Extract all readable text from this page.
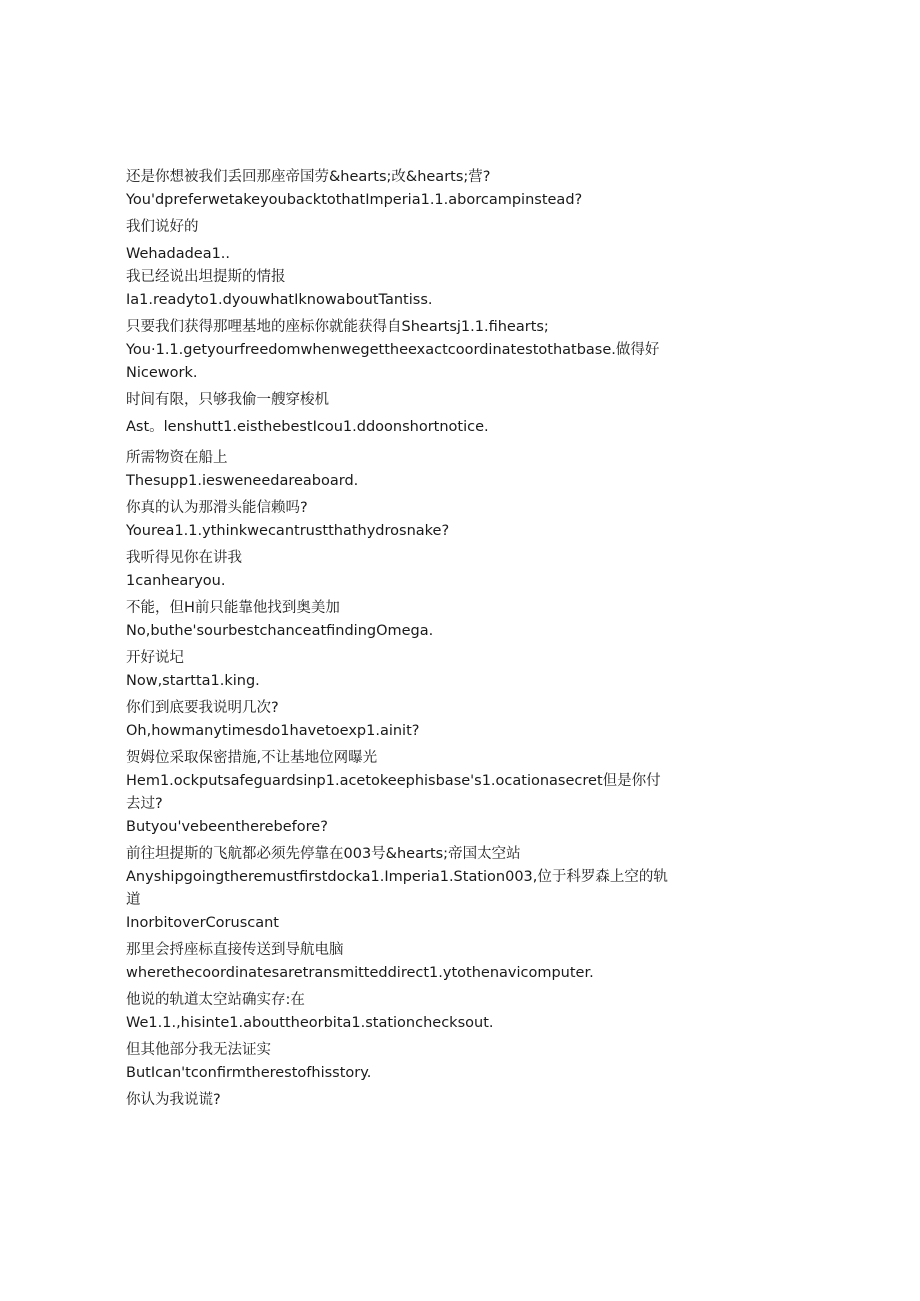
还是你想被我们丢回那座帝国劳&hearts;改&hearts;营?

You'dpreferwetakeyoubacktothatImperia1.1.aborcampinstead?

我们说好的

Wehadadea1..

我已经说出坦提斯的情报

Ia1.readyto1.dyouwhatIknowaboutTantiss.

只要我们获得那哩基地的座标你就能获得自Sheartsj1.1.fihearts;

You·1.1.getyourfreedomwhenwegettheexactcoordinatestothatbase.做得好

Nicework.

时间有限，只够我偷一艘穿梭机

Ast。lenshutt1.eisthebestIcou1.ddoonshortnotice.

所需物资在船上

Thesupp1.iesweneedareaboard.

你真的认为那滑头能信赖吗?

Yourea1.1.ythinkwecantrustthathydrosnake?

我听得见你在讲我

1canhearyou.

不能，但H前只能靠他找到奥美加

No,buthe'sourbestchanceatfindingOmega.

开好说圮

Now,startta1.king.

你们到底要我说明几次?

Oh,howmanytimesdo1havetoexp1.ainit?

贺姆位采取保密措施,不让基地位网曝光

Hem1.ockputsafeguardsinp1.acetokeephisbase's1.ocationasecret但是你付

去过?

Butyou'vebeentherebefore?

前往坦提斯的飞航都必须先停靠在003号&hearts;帝国太空站

Anyshipgoingtheremustfirstdocka1.Imperia1.Station003,位于科罗森上空的轨

道

InorbitoverCoruscant

那里会捋座标直接传送到导航电脑

wherethecoordinatesaretransmitteddirect1.ytothenavicomputer.

他说的轨道太空站确实存:在

We1.1.,hisinte1.abouttheorbita1.stationchecksout.

但其他部分我无法证实

ButIcan'tconfirmtherestofhisstory.

你认为我说谎?
